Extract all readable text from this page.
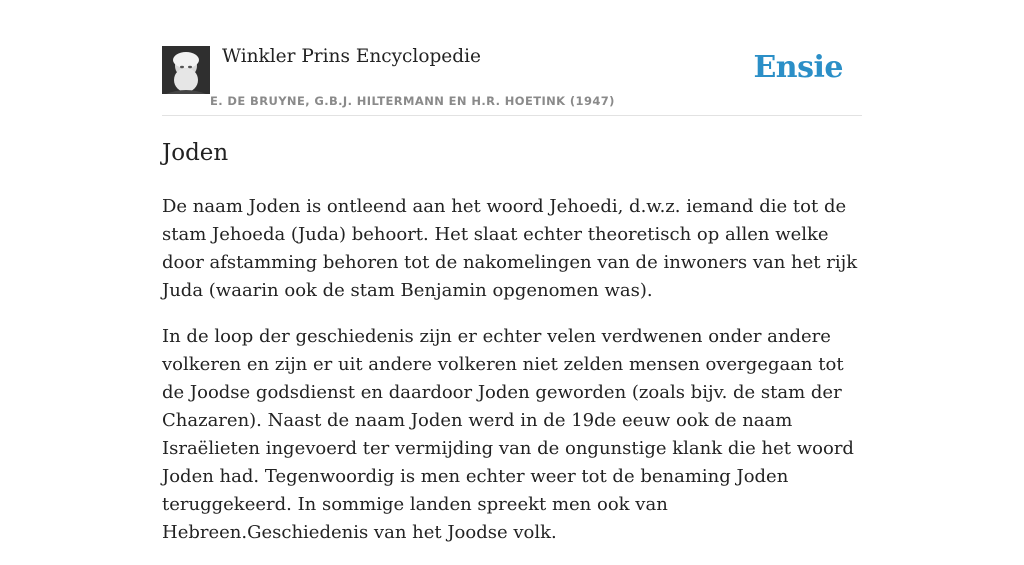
Winkler Prins Encyclopedie
E. DE BRUYNE, G.B.J. HILTERMANN EN H.R. HOETINK (1947)
Ensie
Joden

De naam Joden is ontleend aan het woord Jehoedi, d.w.z. iemand die tot de stam Jehoeda (Juda) behoort. Het slaat echter theoretisch op allen welke door afstamming behoren tot de nakomelingen van de inwoners van het rijk Juda (waarin ook de stam Benjamin opgenomen was).

In de loop der geschiedenis zijn er echter velen verdwenen onder andere volkeren en zijn er uit andere volkeren niet zelden mensen overgegaan tot de Joodse godsdienst en daardoor Joden geworden (zoals bijv. de stam der Chazaren). Naast de naam Joden werd in de 19de eeuw ook de naam Israëlieten ingevoerd ter vermijding van de ongunstige klank die het woord Joden had. Tegenwoordig is men echter weer tot de benaming Joden teruggekeerd. In sommige landen spreekt men ook van Hebreen.Geschiedenis van het Joodse volk.
